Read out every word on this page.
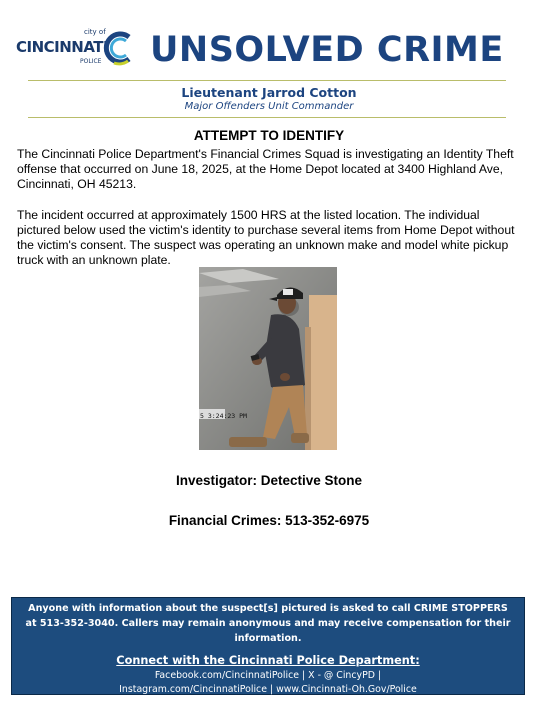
city of
CINCINNATI
POLICE UNSOLVED CRIME
Lieutenant Jarrod Cotton
Major Offenders Unit Commander
ATTEMPT TO IDENTIFY
The Cincinnati Police Department's Financial Crimes Squad is investigating an Identity Theft offense that occurred on June 18, 2025, at the Home Depot located at 3400 Highland Ave, Cincinnati, OH 45213.
The incident occurred at approximately 1500 HRS at the listed location. The individual pictured below used the victim's identity to purchase several items from Home Depot without the victim's consent. The suspect was operating an unknown make and model white pickup truck with an unknown plate.
5 3:24:23 PM
Investigator: Detective Stone
Financial Crimes: 513-352-6975
Anyone with information about the suspect[s] pictured is asked to call CRIME STOPPERS at 513-352-3040. Callers may remain anonymous and may receive compensation for their information.
Connect with the Cincinnati Police Department:
Facebook.com/CincinnatiPolice | X - @ CincyPD |
Instagram.com/CincinnatiPolice | www.Cincinnati-Oh.Gov/Police
